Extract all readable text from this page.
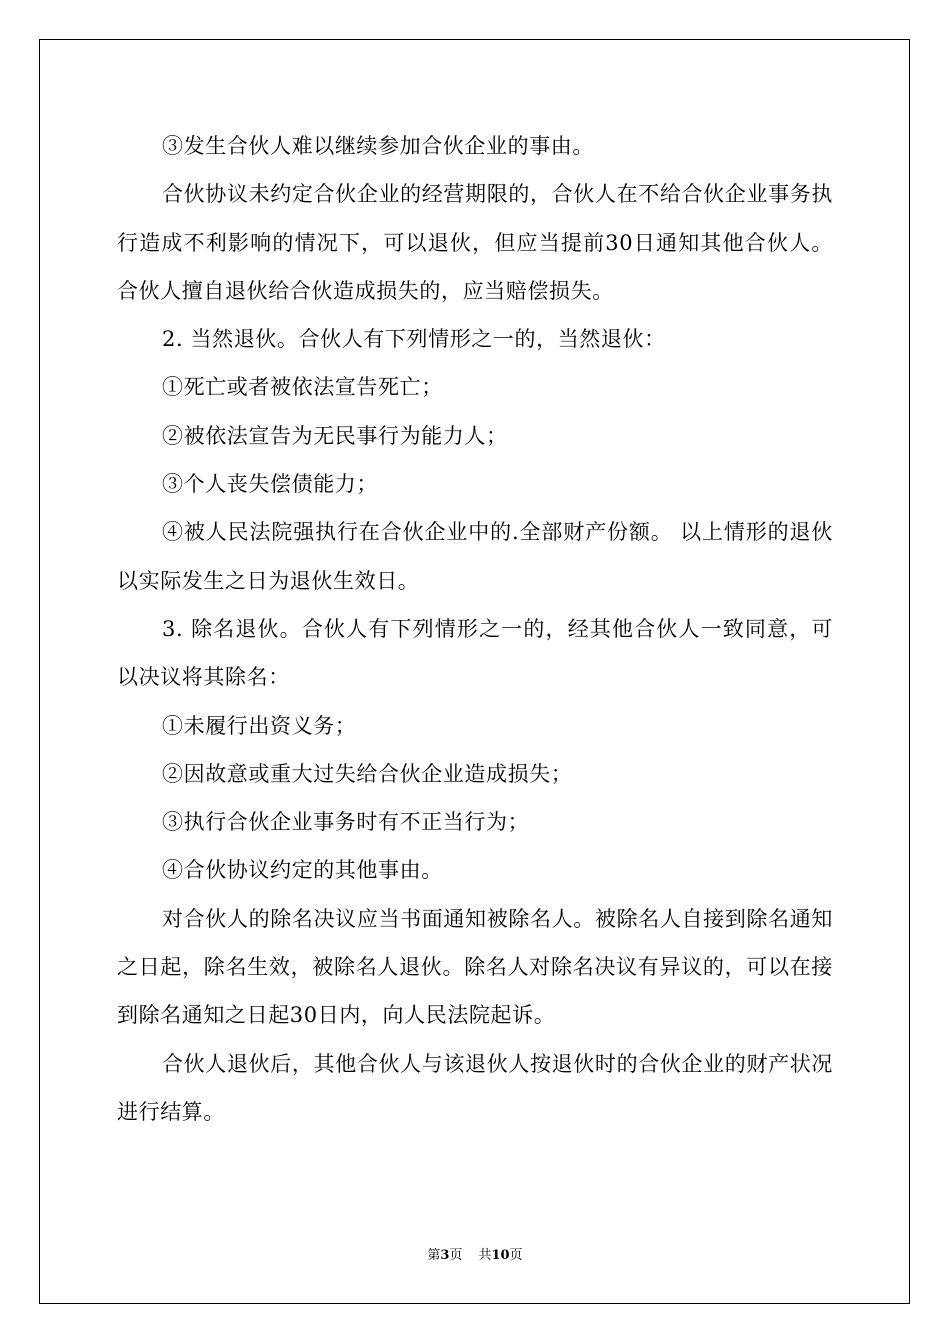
③发生合伙人难以继续参加合伙企业的事由。

合伙协议未约定合伙企业的经营期限的，合伙人在不给合伙企业事务执行造成不利影响的情况下，可以退伙，但应当提前30日通知其他合伙人。合伙人擅自退伙给合伙造成损失的，应当赔偿损失。

2. 当然退伙。合伙人有下列情形之一的，当然退伙：

①死亡或者被依法宣告死亡；

②被依法宣告为无民事行为能力人；

③个人丧失偿债能力；

④被人民法院强执行在合伙企业中的.全部财产份额。 以上情形的退伙以实际发生之日为退伙生效日。

3. 除名退伙。合伙人有下列情形之一的，经其他合伙人一致同意，可以决议将其除名：

①未履行出资义务；

②因故意或重大过失给合伙企业造成损失；

③执行合伙企业事务时有不正当行为；

④合伙协议约定的其他事由。

对合伙人的除名决议应当书面通知被除名人。被除名人自接到除名通知之日起，除名生效，被除名人退伙。除名人对除名决议有异议的，可以在接到除名通知之日起30日内，向人民法院起诉。

合伙人退伙后，其他合伙人与该退伙人按退伙时的合伙企业的财产状况进行结算。

第3页 共10页
